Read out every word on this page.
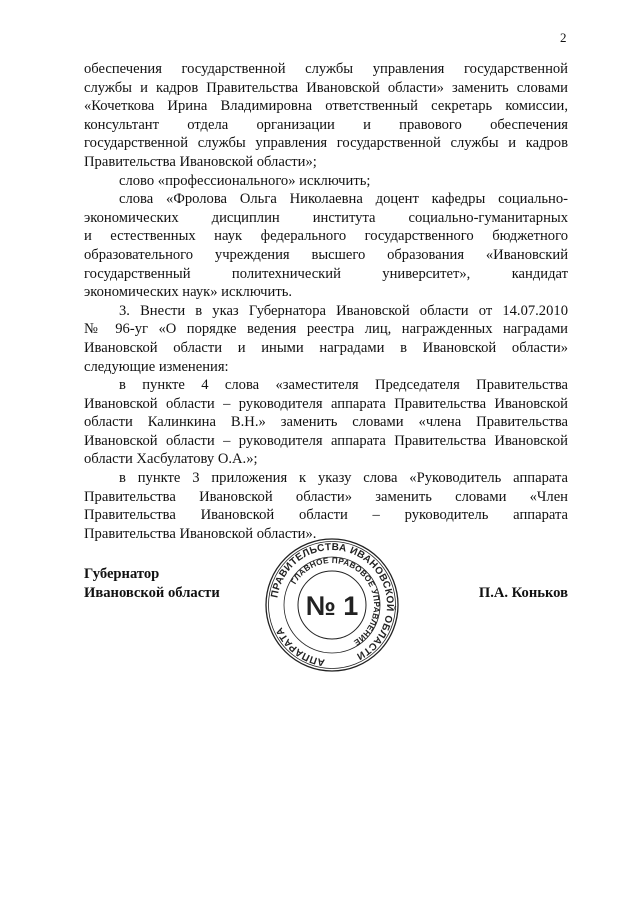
2

обеспечения государственной службы управления государственной

службы и кадров Правительства Ивановской области» заменить словами

«Кочеткова Ирина Владимировна ответственный секретарь комиссии,

консультант отдела организации и правового обеспечения

государственной службы управления государственной службы и кадров

Правительства Ивановской области»;

слово «профессионального» исключить;

слова «Фролова Ольга Николаевна доцент кафедры социально-

экономических дисциплин института социально-гуманитарных

и естественных наук федерального государственного бюджетного

образовательного учреждения высшего образования «Ивановский

государственный политехнический университет», кандидат

экономических наук» исключить.

3. Внести в указ Губернатора Ивановской области от 14.07.2010

№ 96-уг «О порядке ведения реестра лиц, награжденных наградами

Ивановской области и иными наградами в Ивановской области»

следующие изменения:

в пункте 4 слова «заместителя Председателя Правительства

Ивановской области – руководителя аппарата Правительства Ивановской

области Калинкина В.Н.» заменить словами «члена Правительства

Ивановской области – руководителя аппарата Правительства Ивановской

области Хасбулатову О.А.»;

в пункте 3 приложения к указу слова «Руководитель аппарата

Правительства Ивановской области» заменить словами «Член

Правительства Ивановской области – руководитель аппарата

Правительства Ивановской области».

Губернатор

Ивановской области	П.А. Коньков
ПРАВИТЕЛЬСТВА ИВАНОВСКОЙ ОБЛАСТИ
АППАРАТА
ГЛАВНОЕ ПРАВОВОЕ УПРАВЛЕНИЕ
№ 1
